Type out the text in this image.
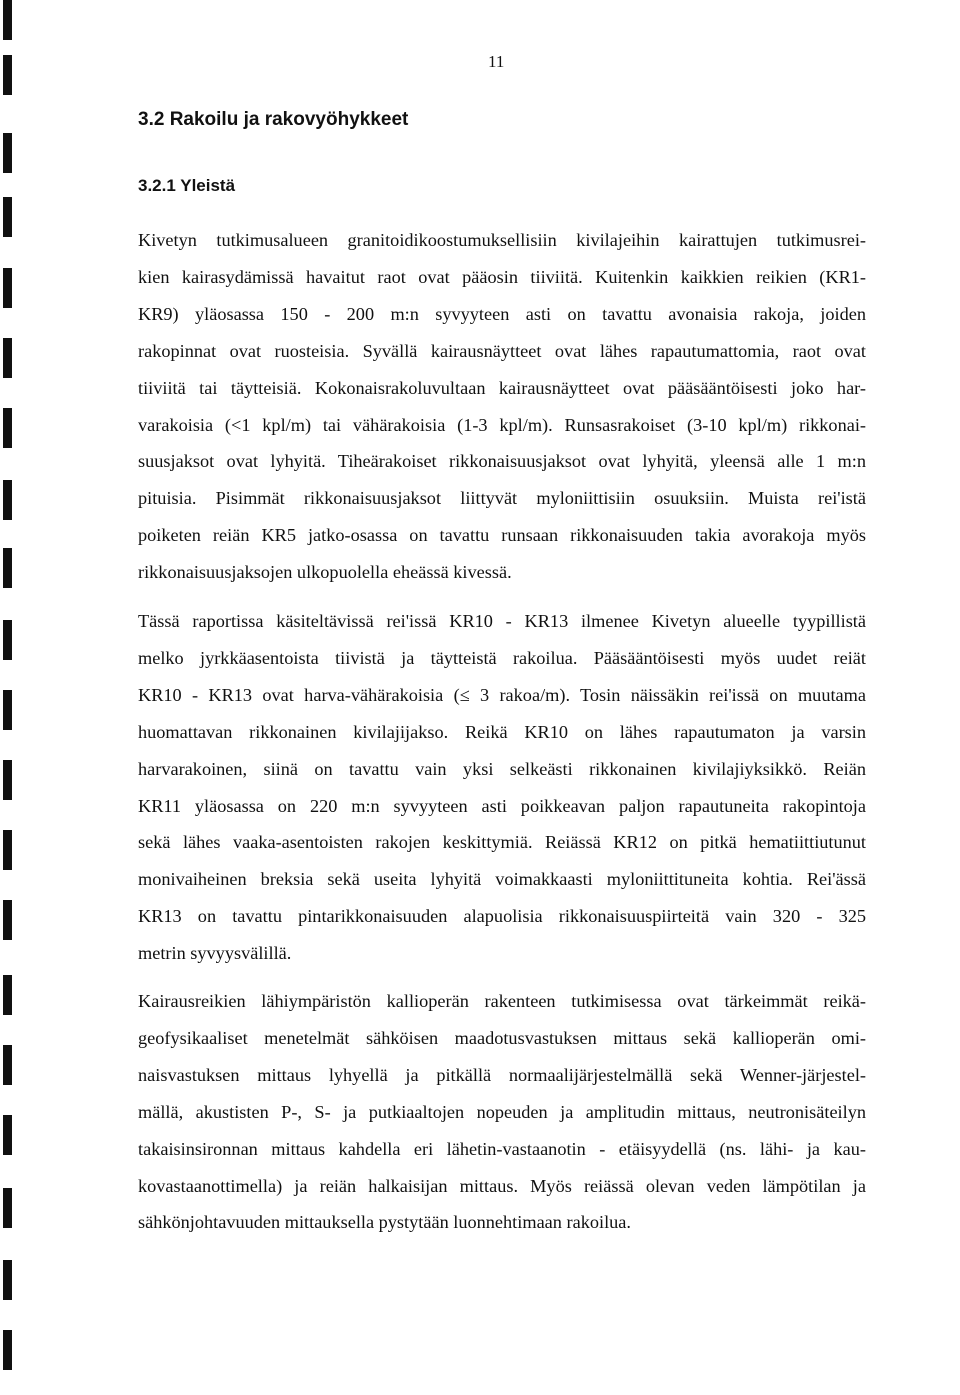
11
3.2 Rakoilu ja rakovyöhykkeet
3.2.1 Yleistä
Kivetyn tutkimusalueen granitoidikoostumuksellisiin kivilajeihin kairattujen tutkimusrei-
kien kairasydämissä havaitut raot ovat pääosin tiiviitä. Kuitenkin kaikkien reikien (KR1-
KR9) yläosassa 150 - 200 m:n syvyyteen asti on tavattu avonaisia rakoja, joiden
rakopinnat ovat ruosteisia. Syvällä kairausnäytteet ovat lähes rapautumattomia, raot ovat
tiiviitä tai täytteisiä. Kokonaisrakoluvultaan kairausnäytteet ovat pääsääntöisesti joko har-
varakoisia (<1 kpl/m) tai vähärakoisia (1-3 kpl/m). Runsasrakoiset (3-10 kpl/m) rikkonai-
suusjaksot ovat lyhyitä. Tiheärakoiset rikkonaisuusjaksot ovat lyhyitä, yleensä alle 1 m:n
pituisia. Pisimmät rikkonaisuusjaksot liittyvät myloniittisiin osuuksiin. Muista rei'istä
poiketen reiän KR5 jatko-osassa on tavattu runsaan rikkonaisuuden takia avorakoja myös
rikkonaisuusjaksojen ulkopuolella eheässä kivessä.
Tässä raportissa käsiteltävissä rei'issä KR10 - KR13 ilmenee Kivetyn alueelle tyypillistä
melko jyrkkäasentoista tiivistä ja täytteistä rakoilua. Pääsääntöisesti myös uudet reiät
KR10 - KR13 ovat harva-vähärakoisia (≤ 3 rakoa/m). Tosin näissäkin rei'issä on muutama
huomattavan rikkonainen kivilajijakso. Reikä KR10 on lähes rapautumaton ja varsin
harvarakoinen, siinä on tavattu vain yksi selkeästi rikkonainen kivilajiyksikkö. Reiän
KR11 yläosassa on 220 m:n syvyyteen asti poikkeavan paljon rapautuneita rakopintoja
sekä lähes vaaka-asentoisten rakojen keskittymiä. Reiässä KR12 on pitkä hematiittiutunut
monivaiheinen breksia sekä useita lyhyitä voimakkaasti myloniittituneita kohtia. Rei'ässä
KR13 on tavattu pintarikkonaisuuden alapuolisia rikkonaisuuspiirteitä vain 320 - 325
metrin syvyysvälillä.
Kairausreikien lähiympäristön kallioperän rakenteen tutkimisessa ovat tärkeimmät reikä-
geofysikaaliset menetelmät sähköisen maadotusvastuksen mittaus sekä kallioperän omi-
naisvastuksen mittaus lyhyellä ja pitkällä normaalijärjestelmällä sekä Wenner-järjestel-
mällä, akustisten P-, S- ja putkiaaltojen nopeuden ja amplitudin mittaus, neutronisäteilyn
takaisinsironnan mittaus kahdella eri lähetin-vastaanotin - etäisyydellä (ns. lähi- ja kau-
kovastaanottimella) ja reiän halkaisijan mittaus. Myös reiässä olevan veden lämpötilan ja
sähkönjohtavuuden mittauksella pystytään luonnehtimaan rakoilua.
